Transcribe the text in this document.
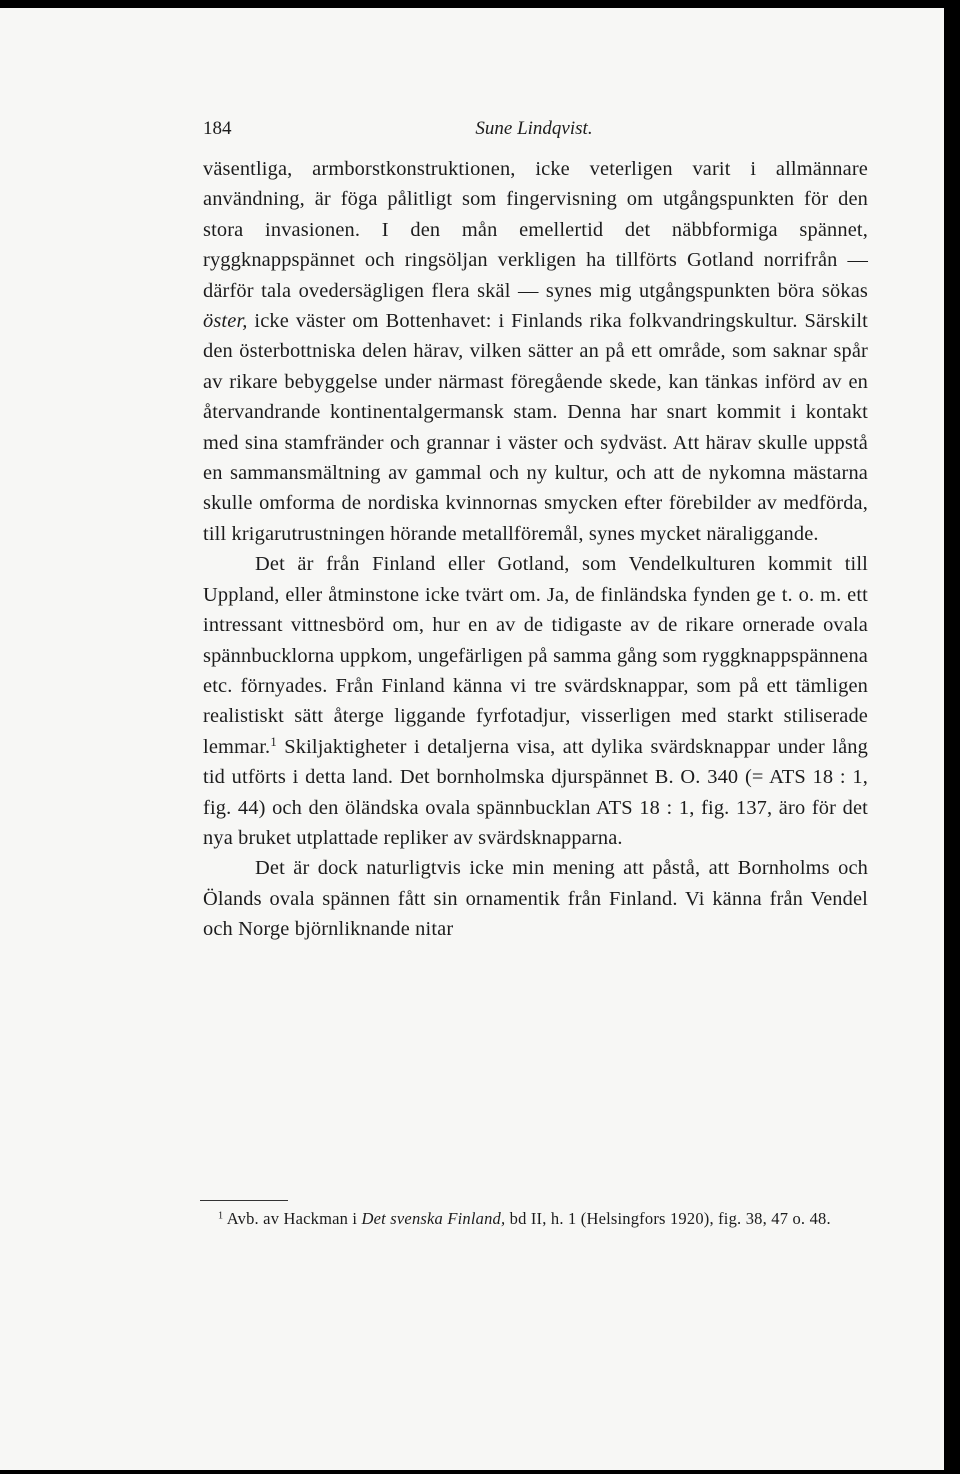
184	Sune Lindqvist.

väsentliga, armborstkonstruktionen, icke veterligen varit i allmännare användning, är föga pålitligt som fingervisning om utgångspunkten för den stora invasionen. I den mån emellertid det näbbformiga spännet, ryggknappspännet och ringsöljan verkligen ha tillförts Gotland norrifrån — därför tala ovedersägligen flera skäl — synes mig utgångspunkten böra sökas öster, icke väster om Bottenhavet: i Finlands rika folkvandringskultur. Särskilt den österbottniska delen härav, vilken sätter an på ett område, som saknar spår av rikare bebyggelse under närmast föregående skede, kan tänkas införd av en återvandrande kontinentalgermansk stam. Denna har snart kommit i kontakt med sina stamfränder och grannar i väster och sydväst. Att härav skulle uppstå en sammansmältning av gammal och ny kultur, och att de nykomna mästarna skulle omforma de nordiska kvinnornas smycken efter förebilder av medförda, till krigarutrustningen hörande metallföremål, synes mycket näraliggande.

Det är från Finland eller Gotland, som Vendelkulturen kommit till Uppland, eller åtminstone icke tvärt om. Ja, de finländska fynden ge t. o. m. ett intressant vittnesbörd om, hur en av de tidigaste av de rikare ornerade ovala spännbucklorna uppkom, ungefärligen på samma gång som ryggknappspännena etc. förnyades. Från Finland känna vi tre svärdsknappar, som på ett tämligen realistiskt sätt återge liggande fyrfotadjur, visserligen med starkt stiliserade lemmar.$^1$ Skiljaktigheter i detaljerna visa, att dylika svärdsknappar under lång tid utförts i detta land. Det bornholmska djurspännet B. O. 340 (= ATS 18 : 1, fig. 44) och den öländska ovala spännbucklan ATS 18 : 1, fig. 137, äro för det nya bruket utplattade repliker av svärdsknapparna.

Det är dock naturligtvis icke min mening att påstå, att Bornholms och Ölands ovala spännen fått sin ornamentik från Finland. Vi känna från Vendel och Norge björnliknande nitar

$^1$ Avb. av Hackman i Det svenska Finland, bd II, h. 1 (Helsingfors 1920), fig. 38, 47 o. 48.
